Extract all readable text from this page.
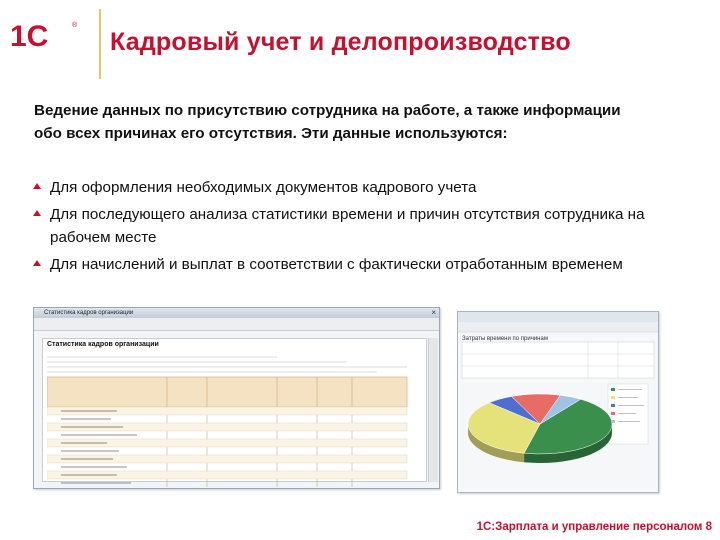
1С	®
Кадровый учет и делопроизводство
Ведение данных по присутствию сотрудника на работе, а также информации обо всех причинах его отсутствия. Эти данные используются:
Для оформления необходимых документов кадрового учета
Для последующего анализа статистики времени и причин отсутствия сотрудника на рабочем месте
Для начислений и выплат в соответствии с фактически отработанным временем
Статистика кадров организации	×
Статистика кадров организации
Затраты времени по причинам
1С:Зарплата и управление персоналом 8
